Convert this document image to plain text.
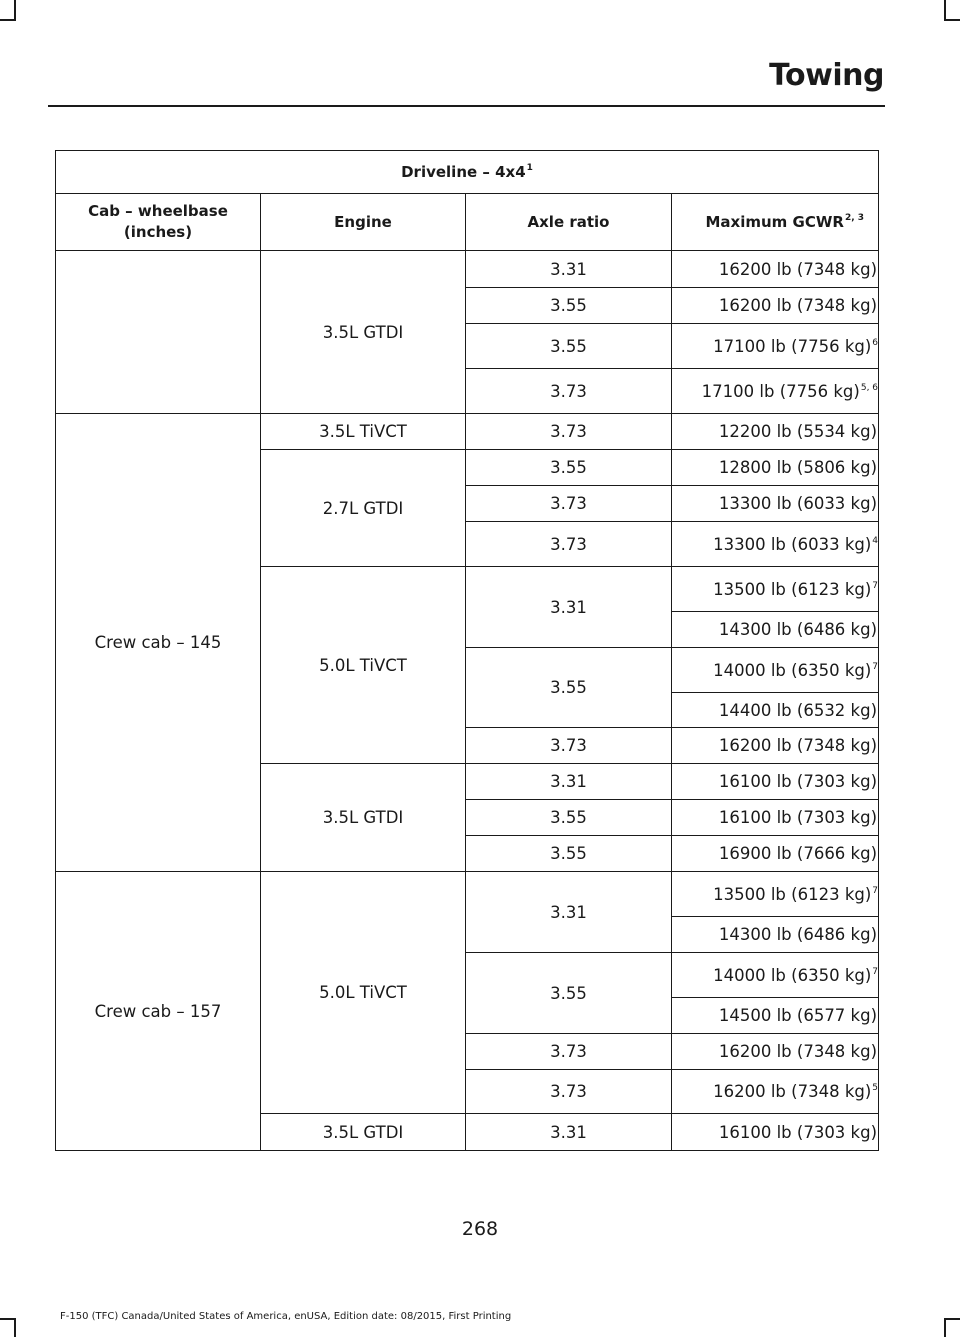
Towing
Driveline – $4x4^1$
Cab – wheelbase (inches)	Engine	Axle ratio	Maximum GCWR$^{2, 3}$
	3.5L GTDI	3.31	16200 lb (7348 kg)
		3.55	16200 lb (7348 kg)
		3.55	17100 lb (7756 kg)$^6$
		3.73	17100 lb (7756 kg)$^{5, 6}$
Crew cab – 145	3.5L TiVCT	3.73	12200 lb (5534 kg)
	2.7L GTDI	3.55	12800 lb (5806 kg)
		3.73	13300 lb (6033 kg)
		3.73	13300 lb (6033 kg)$^4$
	5.0L TiVCT	3.31	13500 lb (6123 kg)$^7$
			14300 lb (6486 kg)
		3.55	14000 lb (6350 kg)$^7$
			14400 lb (6532 kg)
		3.73	16200 lb (7348 kg)
	3.5L GTDI	3.31	16100 lb (7303 kg)
		3.55	16100 lb (7303 kg)
		3.55	16900 lb (7666 kg)
Crew cab – 157	5.0L TiVCT	3.31	13500 lb (6123 kg)$^7$
			14300 lb (6486 kg)
		3.55	14000 lb (6350 kg)$^7$
			14500 lb (6577 kg)
		3.73	16200 lb (7348 kg)
		3.73	16200 lb (7348 kg)$^5$
	3.5L GTDI	3.31	16100 lb (7303 kg)
268
F-150 (TFC) Canada/United States of America, enUSA, Edition date: 08/2015, First Printing
